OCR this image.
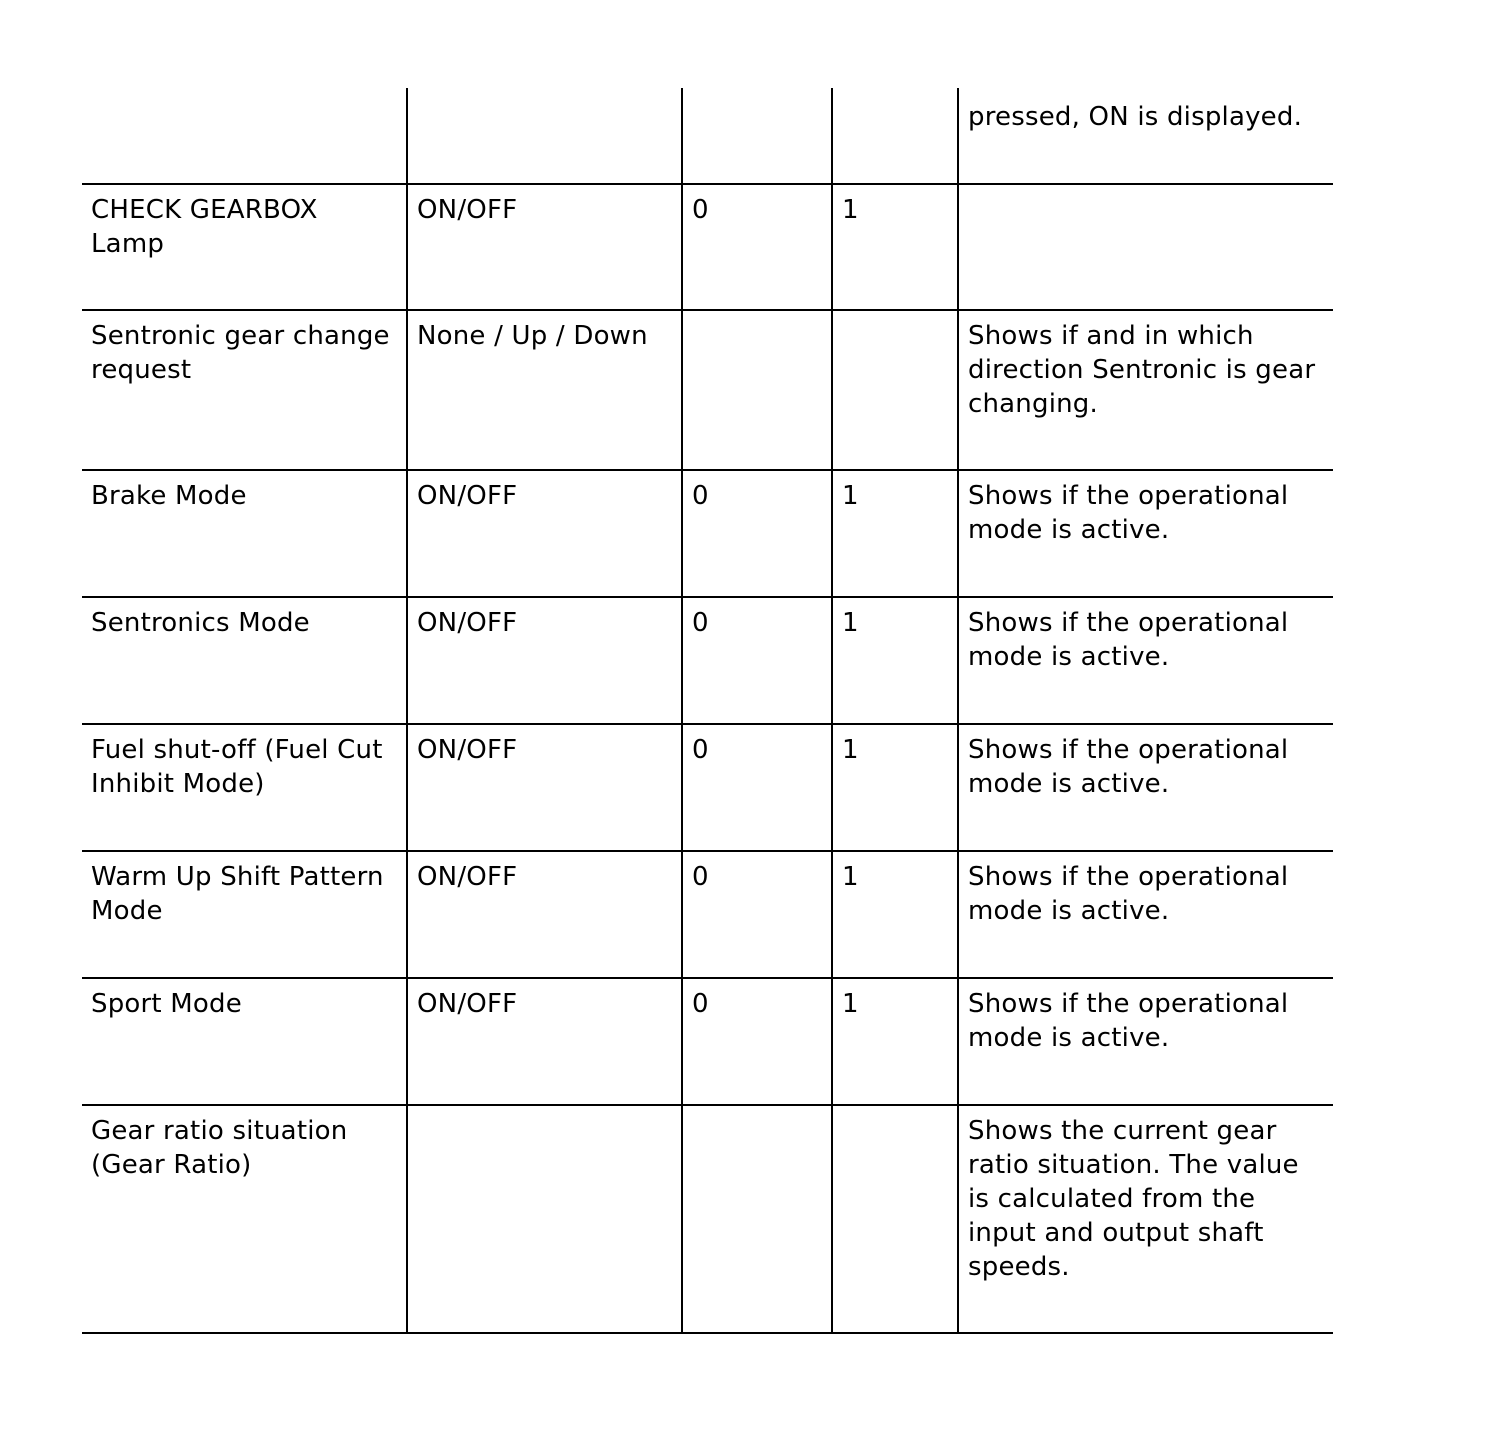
				pressed, ON is displayed.
CHECK GEARBOX Lamp	ON/OFF	0	1	
Sentronic gear change request	None / Up / Down			Shows if and in which direction Sentronic is gear changing.
Brake Mode	ON/OFF	0	1	Shows if the operational mode is active.
Sentronics Mode	ON/OFF	0	1	Shows if the operational mode is active.
Fuel shut-off (Fuel Cut Inhibit Mode)	ON/OFF	0	1	Shows if the operational mode is active.
Warm Up Shift Pattern Mode	ON/OFF	0	1	Shows if the operational mode is active.
Sport Mode	ON/OFF	0	1	Shows if the operational mode is active.
Gear ratio situation (Gear Ratio)				Shows the current gear ratio situation. The value is calculated from the input and output shaft speeds.
